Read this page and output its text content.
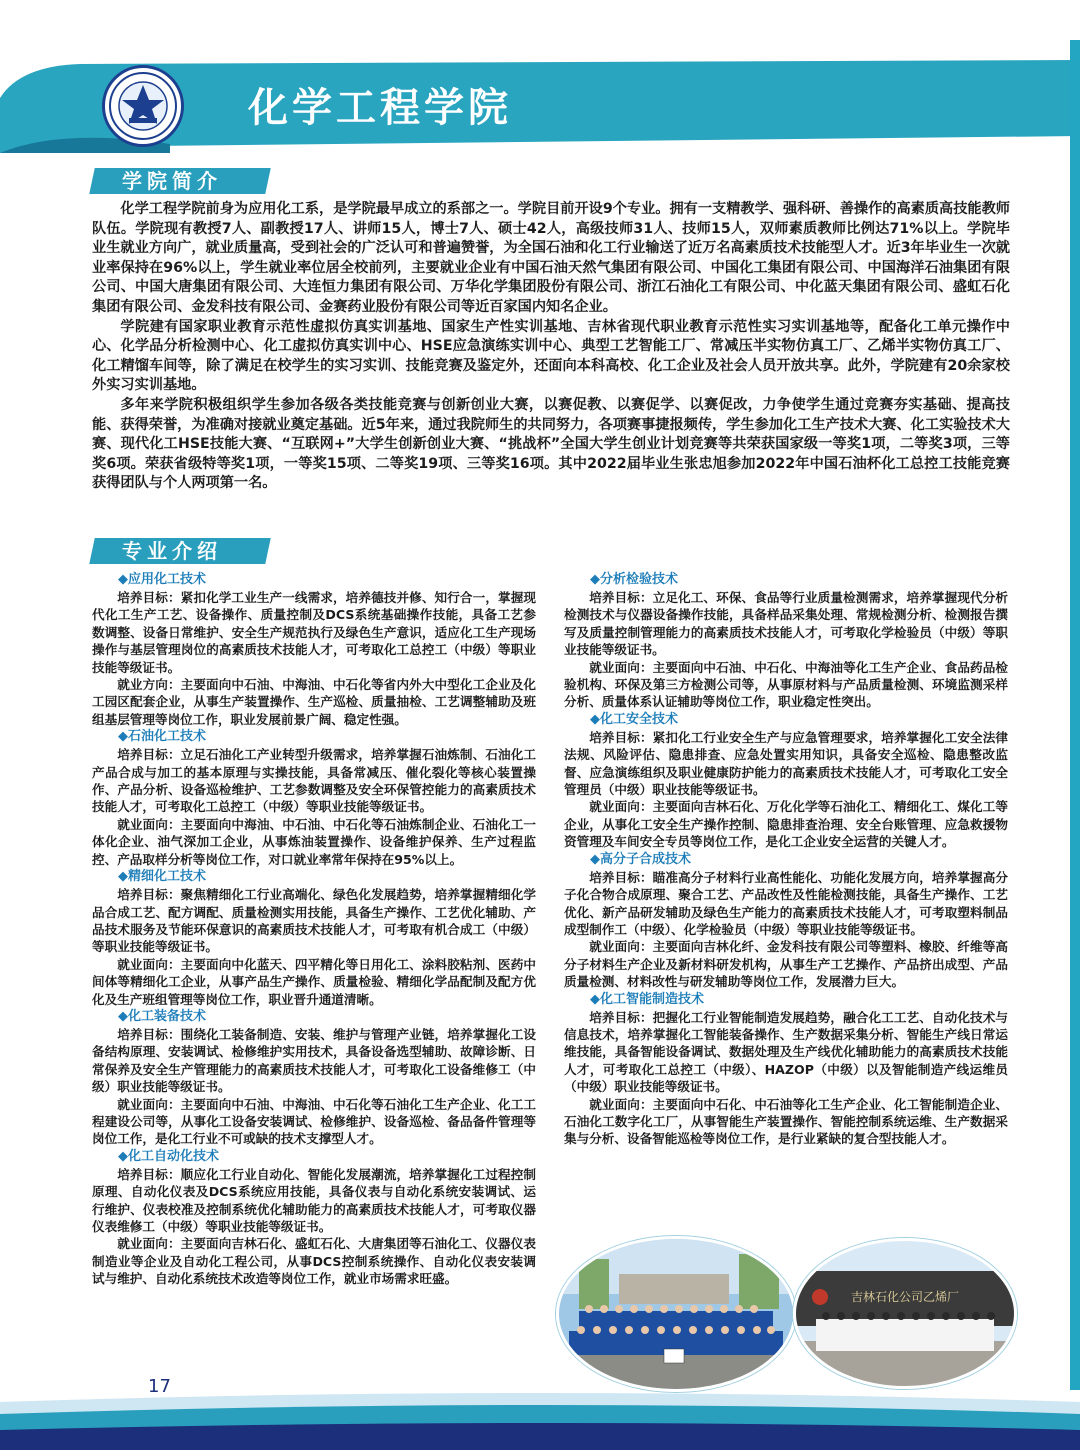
化学工程学院
学院简介

化学工程学院前身为应用化工系，是学院最早成立的系部之一。学院目前开设9个专业。拥有一支精教学、强科研、善操作的高素质高技能教师队伍。学院现有教授7人、副教授17人、讲师15人，博士7人、硕士42人，高级技师31人、技师15人，双师素质教师比例达71%以上。学院毕业生就业方向广，就业质量高，受到社会的广泛认可和普遍赞誉，为全国石油和化工行业输送了近万名高素质技术技能型人才。近3年毕业生一次就业率保持在96%以上，学生就业率位居全校前列，主要就业企业有中国石油天然气集团有限公司、中国化工集团有限公司、中国海洋石油集团有限公司、中国大唐集团有限公司、大连恒力集团有限公司、万华化学集团股份有限公司、浙江石油化工有限公司、中化蓝天集团有限公司、盛虹石化集团有限公司、金发科技有限公司、金赛药业股份有限公司等近百家国内知名企业。

学院建有国家职业教育示范性虚拟仿真实训基地、国家生产性实训基地、吉林省现代职业教育示范性实习实训基地等，配备化工单元操作中心、化学品分析检测中心、化工虚拟仿真实训中心、HSE应急演练实训中心、典型工艺智能工厂、常减压半实物仿真工厂、乙烯半实物仿真工厂、化工精馏车间等，除了满足在校学生的实习实训、技能竞赛及鉴定外，还面向本科高校、化工企业及社会人员开放共享。此外，学院建有20余家校外实习实训基地。

多年来学院积极组织学生参加各级各类技能竞赛与创新创业大赛，以赛促教、以赛促学、以赛促改，力争使学生通过竞赛夯实基础、提高技能、获得荣誉，为准确对接就业奠定基础。近5年来，通过我院师生的共同努力，各项赛事捷报频传，学生参加化工生产技术大赛、化工实验技术大赛、现代化工HSE技能大赛、“互联网+”大学生创新创业大赛、“挑战杯”全国大学生创业计划竞赛等共荣获国家级一等奖1项，二等奖3项，三等奖6项。荣获省级特等奖1项，一等奖15项、二等奖19项、三等奖16项。其中2022届毕业生张忠旭参加2022年中国石油杯化工总控工技能竞赛获得团队与个人两项第一名。

专业介绍
◆应用化工技术

培养目标：紧扣化学工业生产一线需求，培养德技并修、知行合一，掌握现代化工生产工艺、设备操作、质量控制及DCS系统基础操作技能，具备工艺参数调整、设备日常维护、安全生产规范执行及绿色生产意识，适应化工生产现场操作与基层管理岗位的高素质技术技能人才，可考取化工总控工（中级）等职业技能等级证书。

就业方向：主要面向中石油、中海油、中石化等省内外大中型化工企业及化工园区配套企业，从事生产装置操作、生产巡检、质量抽检、工艺调整辅助及班组基层管理等岗位工作，职业发展前景广阔、稳定性强。

◆石油化工技术

培养目标：立足石油化工产业转型升级需求，培养掌握石油炼制、石油化工产品合成与加工的基本原理与实操技能，具备常减压、催化裂化等核心装置操作、产品分析、设备巡检维护、工艺参数调整及安全环保管控能力的高素质技术技能人才，可考取化工总控工（中级）等职业技能等级证书。

就业面向：主要面向中海油、中石油、中石化等石油炼制企业、石油化工一体化企业、油气深加工企业，从事炼油装置操作、设备维护保养、生产过程监控、产品取样分析等岗位工作，对口就业率常年保持在95%以上。

◆精细化工技术

培养目标：聚焦精细化工行业高端化、绿色化发展趋势，培养掌握精细化学品合成工艺、配方调配、质量检测实用技能，具备生产操作、工艺优化辅助、产品技术服务及节能环保意识的高素质技术技能人才，可考取有机合成工（中级）等职业技能等级证书。

就业面向：主要面向中化蓝天、四平精化等日用化工、涂料胶粘剂、医药中间体等精细化工企业，从事产品生产操作、质量检验、精细化学品配制及配方优化及生产班组管理等岗位工作，职业晋升通道清晰。

◆化工装备技术

培养目标：围绕化工装备制造、安装、维护与管理产业链，培养掌握化工设备结构原理、安装调试、检修维护实用技术，具备设备选型辅助、故障诊断、日常保养及安全生产管理能力的高素质技术技能人才，可考取化工设备维修工（中级）职业技能等级证书。

就业面向：主要面向中石油、中海油、中石化等石油化工生产企业、化工工程建设公司等，从事化工设备安装调试、检修维护、设备巡检、备品备件管理等岗位工作，是化工行业不可或缺的技术支撑型人才。

◆化工自动化技术

培养目标：顺应化工行业自动化、智能化发展潮流，培养掌握化工过程控制原理、自动化仪表及DCS系统应用技能，具备仪表与自动化系统安装调试、运行维护、仪表校准及控制系统优化辅助能力的高素质技术技能人才，可考取仪器仪表维修工（中级）等职业技能等级证书。

就业面向：主要面向吉林石化、盛虹石化、大唐集团等石油化工、仪器仪表制造业等企业及自动化工程公司，从事DCS控制系统操作、自动化仪表安装调试与维护、自动化系统技术改造等岗位工作，就业市场需求旺盛。

◆分析检验技术

培养目标：立足化工、环保、食品等行业质量检测需求，培养掌握现代分析检测技术与仪器设备操作技能，具备样品采集处理、常规检测分析、检测报告撰写及质量控制管理能力的高素质技术技能人才，可考取化学检验员（中级）等职业技能等级证书。

就业面向：主要面向中石油、中石化、中海油等化工生产企业、食品药品检验机构、环保及第三方检测公司等，从事原材料与产品质量检测、环境监测采样分析、质量体系认证辅助等岗位工作，职业稳定性突出。

◆化工安全技术

培养目标：紧扣化工行业安全生产与应急管理要求，培养掌握化工安全法律法规、风险评估、隐患排查、应急处置实用知识，具备安全巡检、隐患整改监督、应急演练组织及职业健康防护能力的高素质技术技能人才，可考取化工安全管理员（中级）职业技能等级证书。

就业面向：主要面向吉林石化、万化化学等石油化工、精细化工、煤化工等企业，从事化工安全生产操作控制、隐患排查治理、安全台账管理、应急救援物资管理及车间安全专员等岗位工作，是化工企业安全运营的关键人才。

◆高分子合成技术

培养目标：瞄准高分子材料行业高性能化、功能化发展方向，培养掌握高分子化合物合成原理、聚合工艺、产品改性及性能检测技能，具备生产操作、工艺优化、新产品研发辅助及绿色生产能力的高素质技术技能人才，可考取塑料制品成型制作工（中级）、化学检验员（中级）等职业技能等级证书。

就业面向：主要面向吉林化纤、金发科技有限公司等塑料、橡胶、纤维等高分子材料生产企业及新材料研发机构，从事生产工艺操作、产品挤出成型、产品质量检测、材料改性与研发辅助等岗位工作，发展潜力巨大。

◆化工智能制造技术

培养目标：把握化工行业智能制造发展趋势，融合化工工艺、自动化技术与信息技术，培养掌握化工智能装备操作、生产数据采集分析、智能生产线日常运维技能，具备智能设备调试、数据处理及生产线优化辅助能力的高素质技术技能人才，可考取化工总控工（中级）、HAZOP（中级）以及智能制造产线运维员（中级）职业技能等级证书。

就业面向：主要面向中石化、中石油等化工生产企业、化工智能制造企业、石油化工数字化工厂，从事智能生产装置操作、智能控制系统运维、生产数据采集与分析、设备智能巡检等岗位工作，是行业紧缺的复合型技能人才。

吉林石化公司乙烯厂
17
